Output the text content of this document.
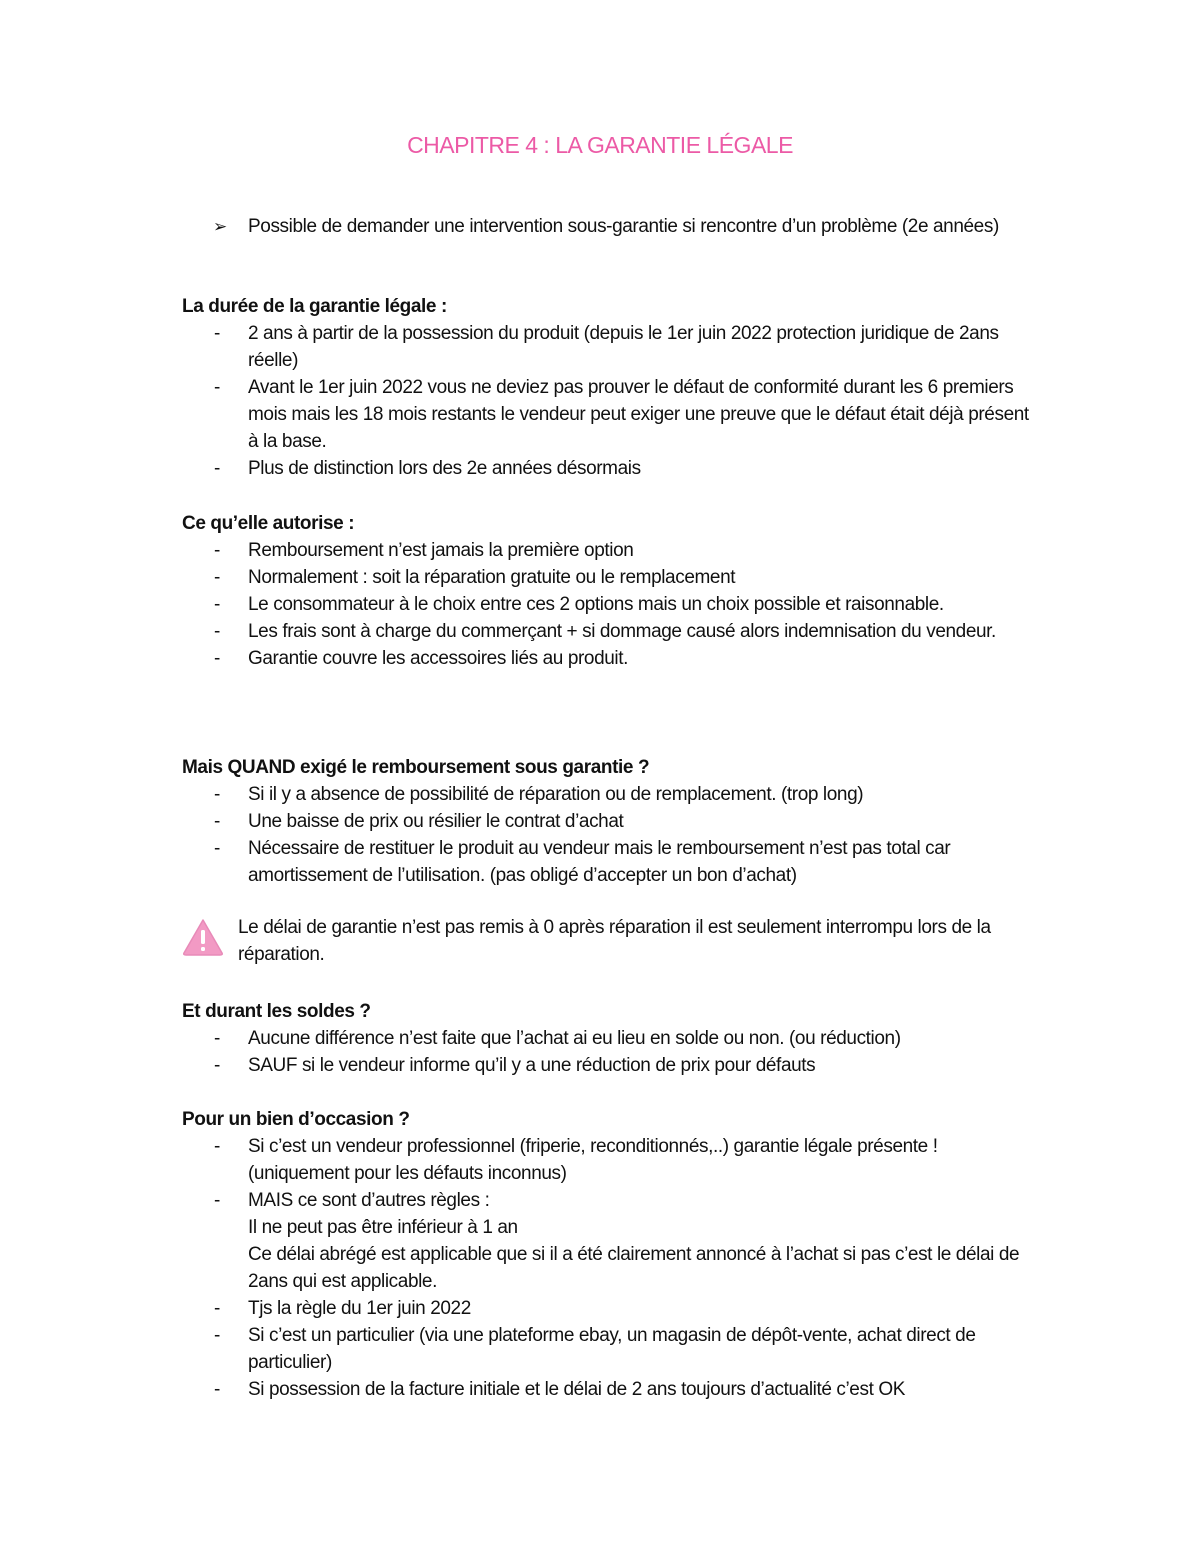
CHAPITRE 4 : LA GARANTIE LÉGALE
➢ Possible de demander une intervention sous-garantie si rencontre d’un problème (2e années)
La durée de la garantie légale :
- 2 ans à partir de la possession du produit (depuis le 1er juin 2022 protection juridique de 2ans réelle)
- Avant le 1er juin 2022 vous ne deviez pas prouver le défaut de conformité durant les 6 premiers mois mais les 18 mois restants le vendeur peut exiger une preuve que le défaut était déjà présent à la base.
- Plus de distinction lors des 2e années désormais
Ce qu’elle autorise :
- Remboursement n’est jamais la première option
- Normalement : soit la réparation gratuite ou le remplacement
- Le consommateur à le choix entre ces 2 options mais un choix possible et raisonnable.
- Les frais sont à charge du commerçant + si dommage causé alors indemnisation du vendeur.
- Garantie couvre les accessoires liés au produit.
Mais QUAND exigé le remboursement sous garantie ?
- Si il y a absence de possibilité de réparation ou de remplacement. (trop long)
- Une baisse de prix ou résilier le contrat d’achat
- Nécessaire de restituer le produit au vendeur mais le remboursement n’est pas total car amortissement de l’utilisation. (pas obligé d’accepter un bon d’achat)
Le délai de garantie n’est pas remis à 0 après réparation il est seulement interrompu lors de la réparation.
Et durant les soldes ?
- Aucune différence n’est faite que l’achat ai eu lieu en solde ou non. (ou réduction)
- SAUF si le vendeur informe qu’il y a une réduction de prix pour défauts
Pour un bien d’occasion ?
- Si c’est un vendeur professionnel (friperie, reconditionnés,..) garantie légale présente ! (uniquement pour les défauts inconnus)
- MAIS ce sont d’autres règles :
Il ne peut pas être inférieur à 1 an
Ce délai abrégé est applicable que si il a été clairement annoncé à l’achat si pas c’est le délai de 2ans qui est applicable.
- Tjs la règle du 1er juin 2022
- Si c’est un particulier (via une plateforme ebay, un magasin de dépôt-vente, achat direct de particulier)
- Si possession de la facture initiale et le délai de 2 ans toujours d’actualité c’est OK
